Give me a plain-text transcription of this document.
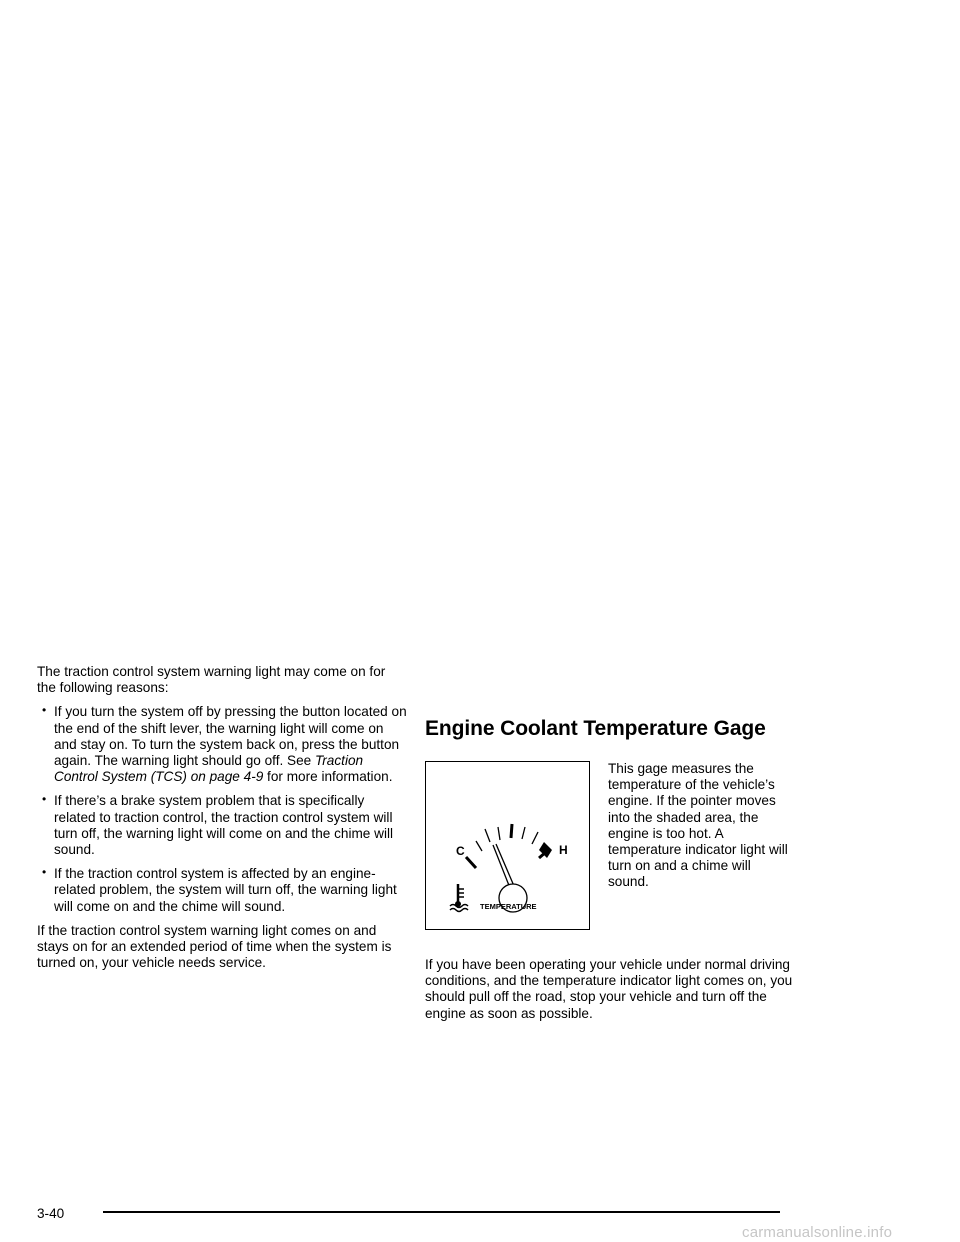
The traction control system warning light may come on for the following reasons:

• If you turn the system off by pressing the button located on the end of the shift lever, the warning light will come on and stay on. To turn the system back on, press the button again. The warning light should go off. See Traction Control System (TCS) on page 4-9 for more information.
• If there’s a brake system problem that is specifically related to traction control, the traction control system will turn off, the warning light will come on and the chime will sound.
• If the traction control system is affected by an engine-related problem, the system will turn off, the warning light will come on and the chime will sound.

If the traction control system warning light comes on and stays on for an extended period of time when the system is turned on, your vehicle needs service.

Engine Coolant Temperature Gage
C	H
TEMPERATURE

This gage measures the temperature of the vehicle’s engine. If the pointer moves into the shaded area, the engine is too hot. A temperature indicator light will turn on and a chime will sound.

If you have been operating your vehicle under normal driving conditions, and the temperature indicator light comes on, you should pull off the road, stop your vehicle and turn off the engine as soon as possible.

3-40
carmanualsonline.info
